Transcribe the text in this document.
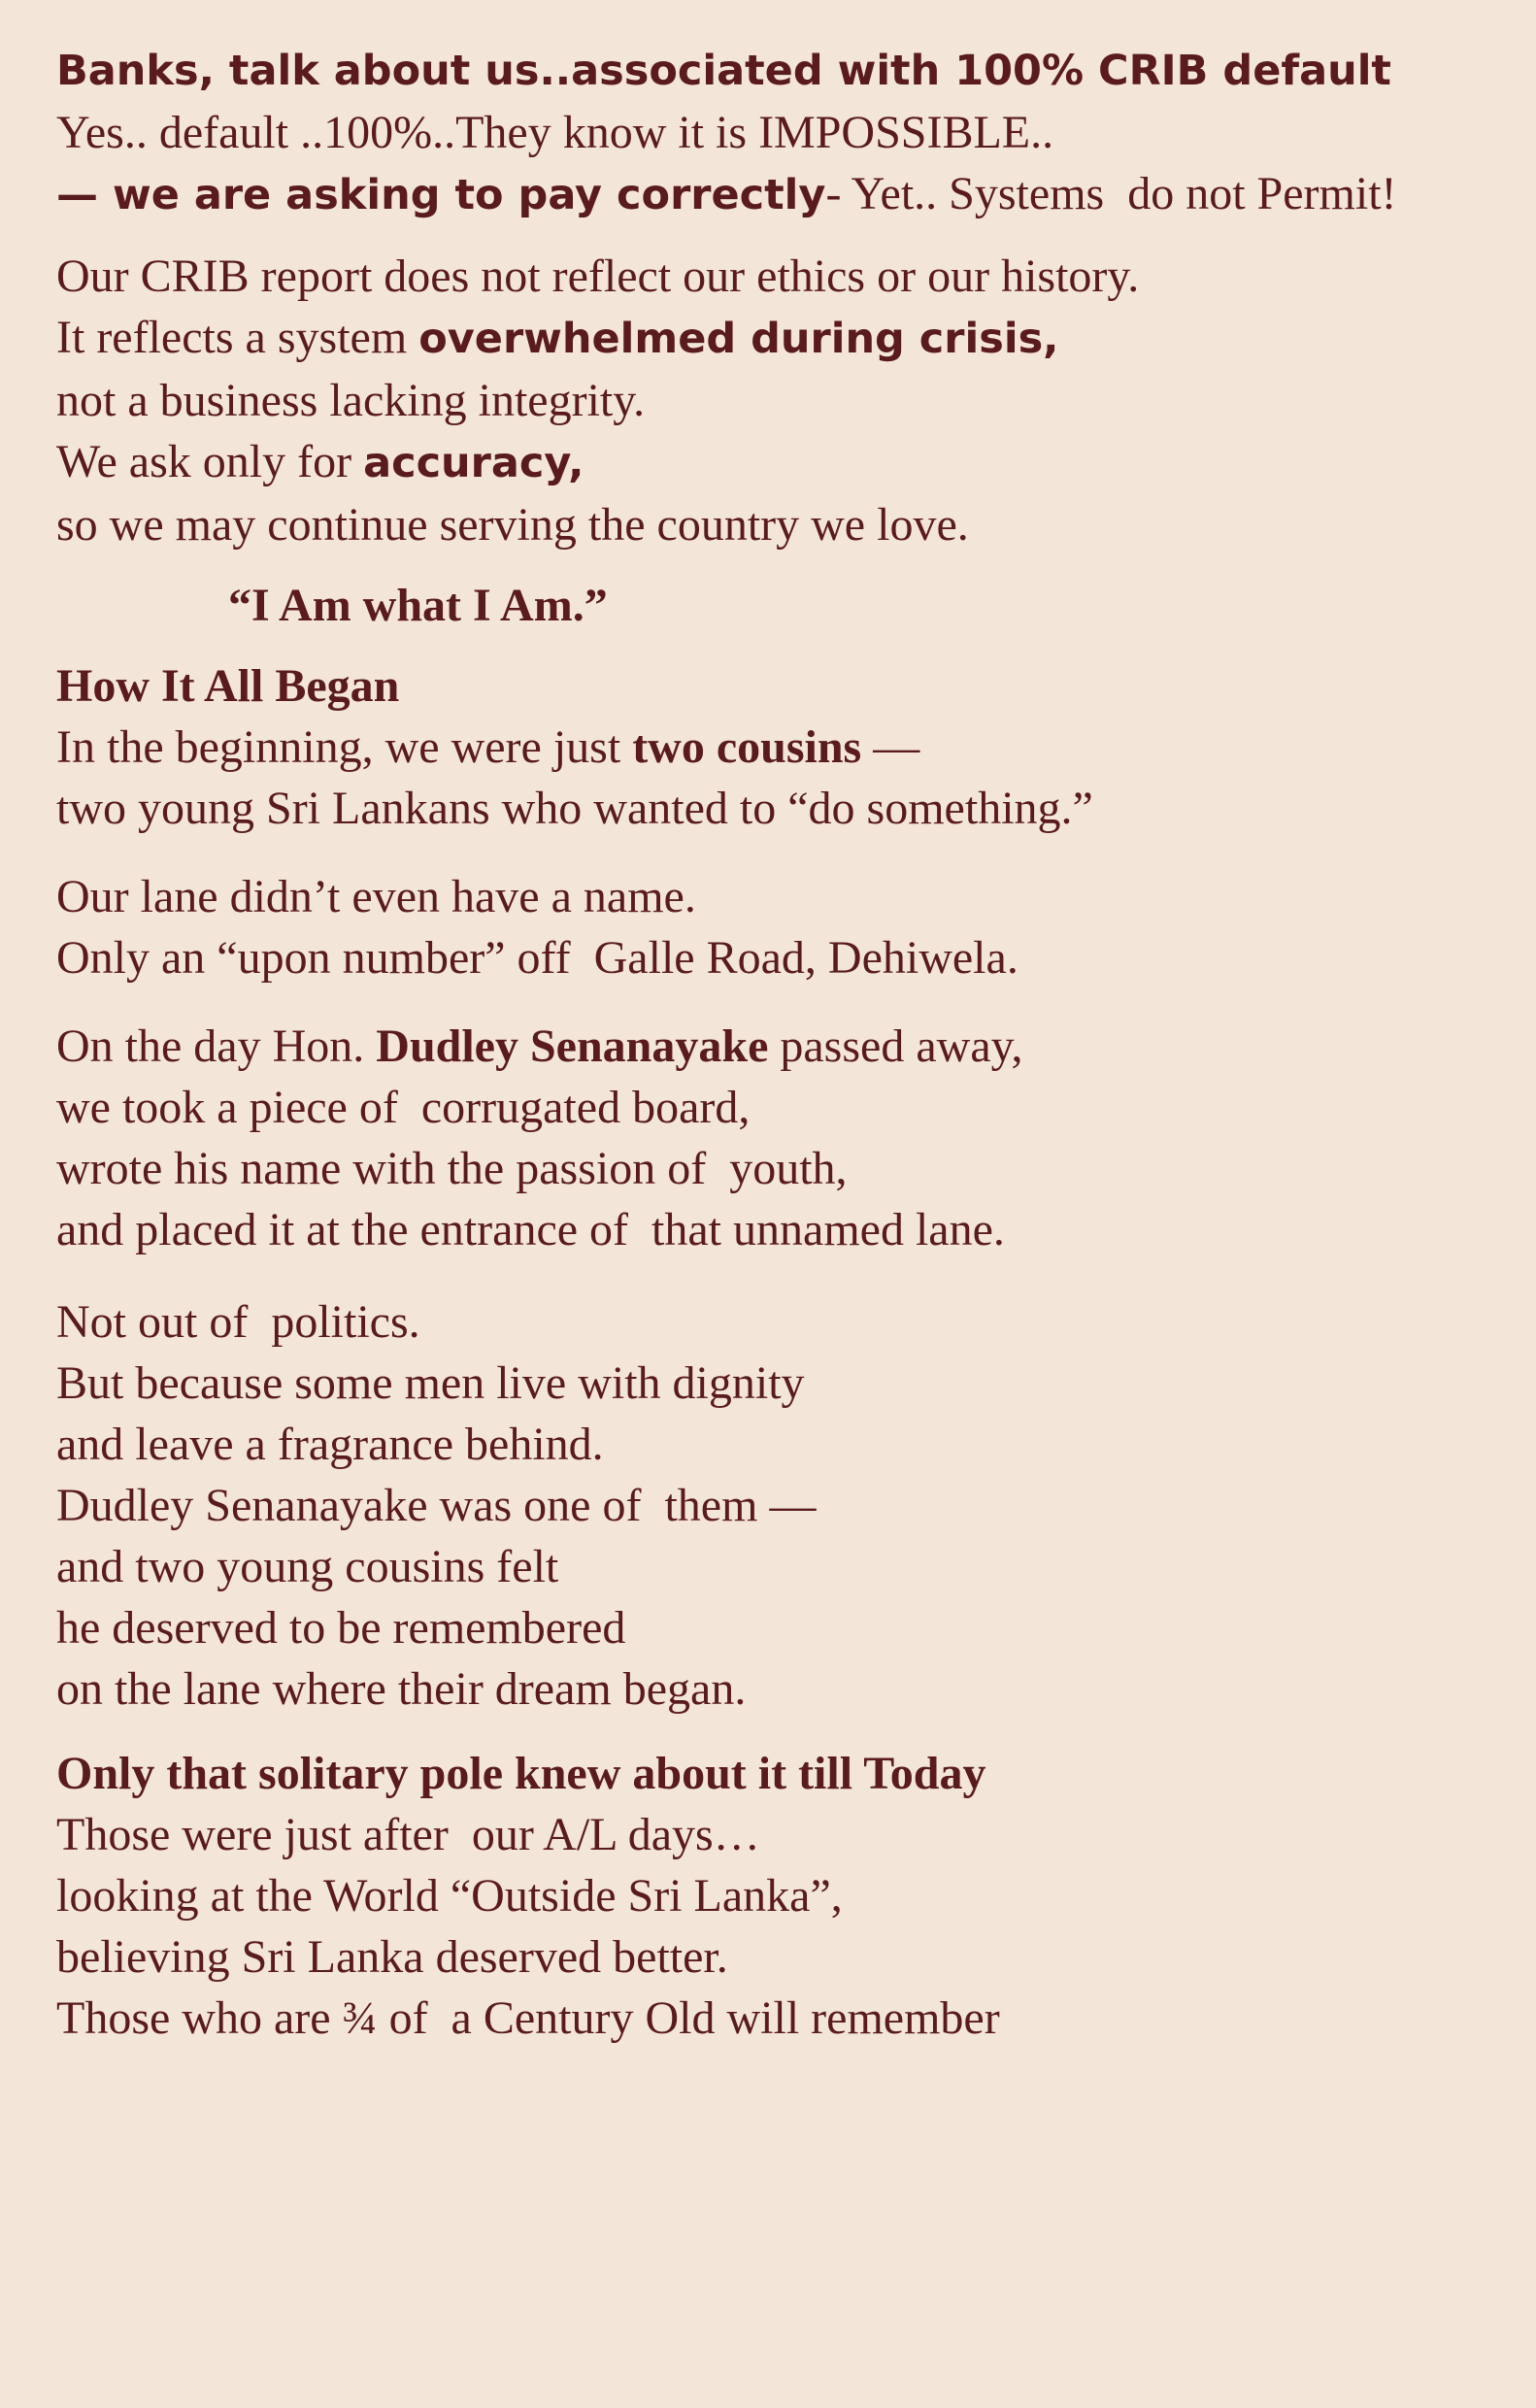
Banks, talk about us..associated with 100% CRIB default
Yes.. default ..100%..They know it is IMPOSSIBLE..
— we are asking to pay correctly- Yet.. Systems  do not Permit!
Our CRIB report does not reflect our ethics or our history.
It reflects a system overwhelmed during crisis,
not a business lacking integrity.
We ask only for accuracy,
so we may continue serving the country we love.
“I Am what I Am.”
How It All Began
In the beginning, we were just two cousins —
two young Sri Lankans who wanted to “do something.”
Our lane didn’t even have a name.
Only an “upon number” off  Galle Road, Dehiwela.
On the day Hon. Dudley Senanayake passed away,
we took a piece of  corrugated board,
wrote his name with the passion of  youth,
and placed it at the entrance of  that unnamed lane.
Not out of  politics.
But because some men live with dignity
and leave a fragrance behind.
Dudley Senanayake was one of  them —
and two young cousins felt
he deserved to be remembered
on the lane where their dream began.
Only that solitary pole knew about it till Today
Those were just after  our A/L days…
looking at the World “Outside Sri Lanka”,
believing Sri Lanka deserved better.
Those who are ¾ of  a Century Old will remember
